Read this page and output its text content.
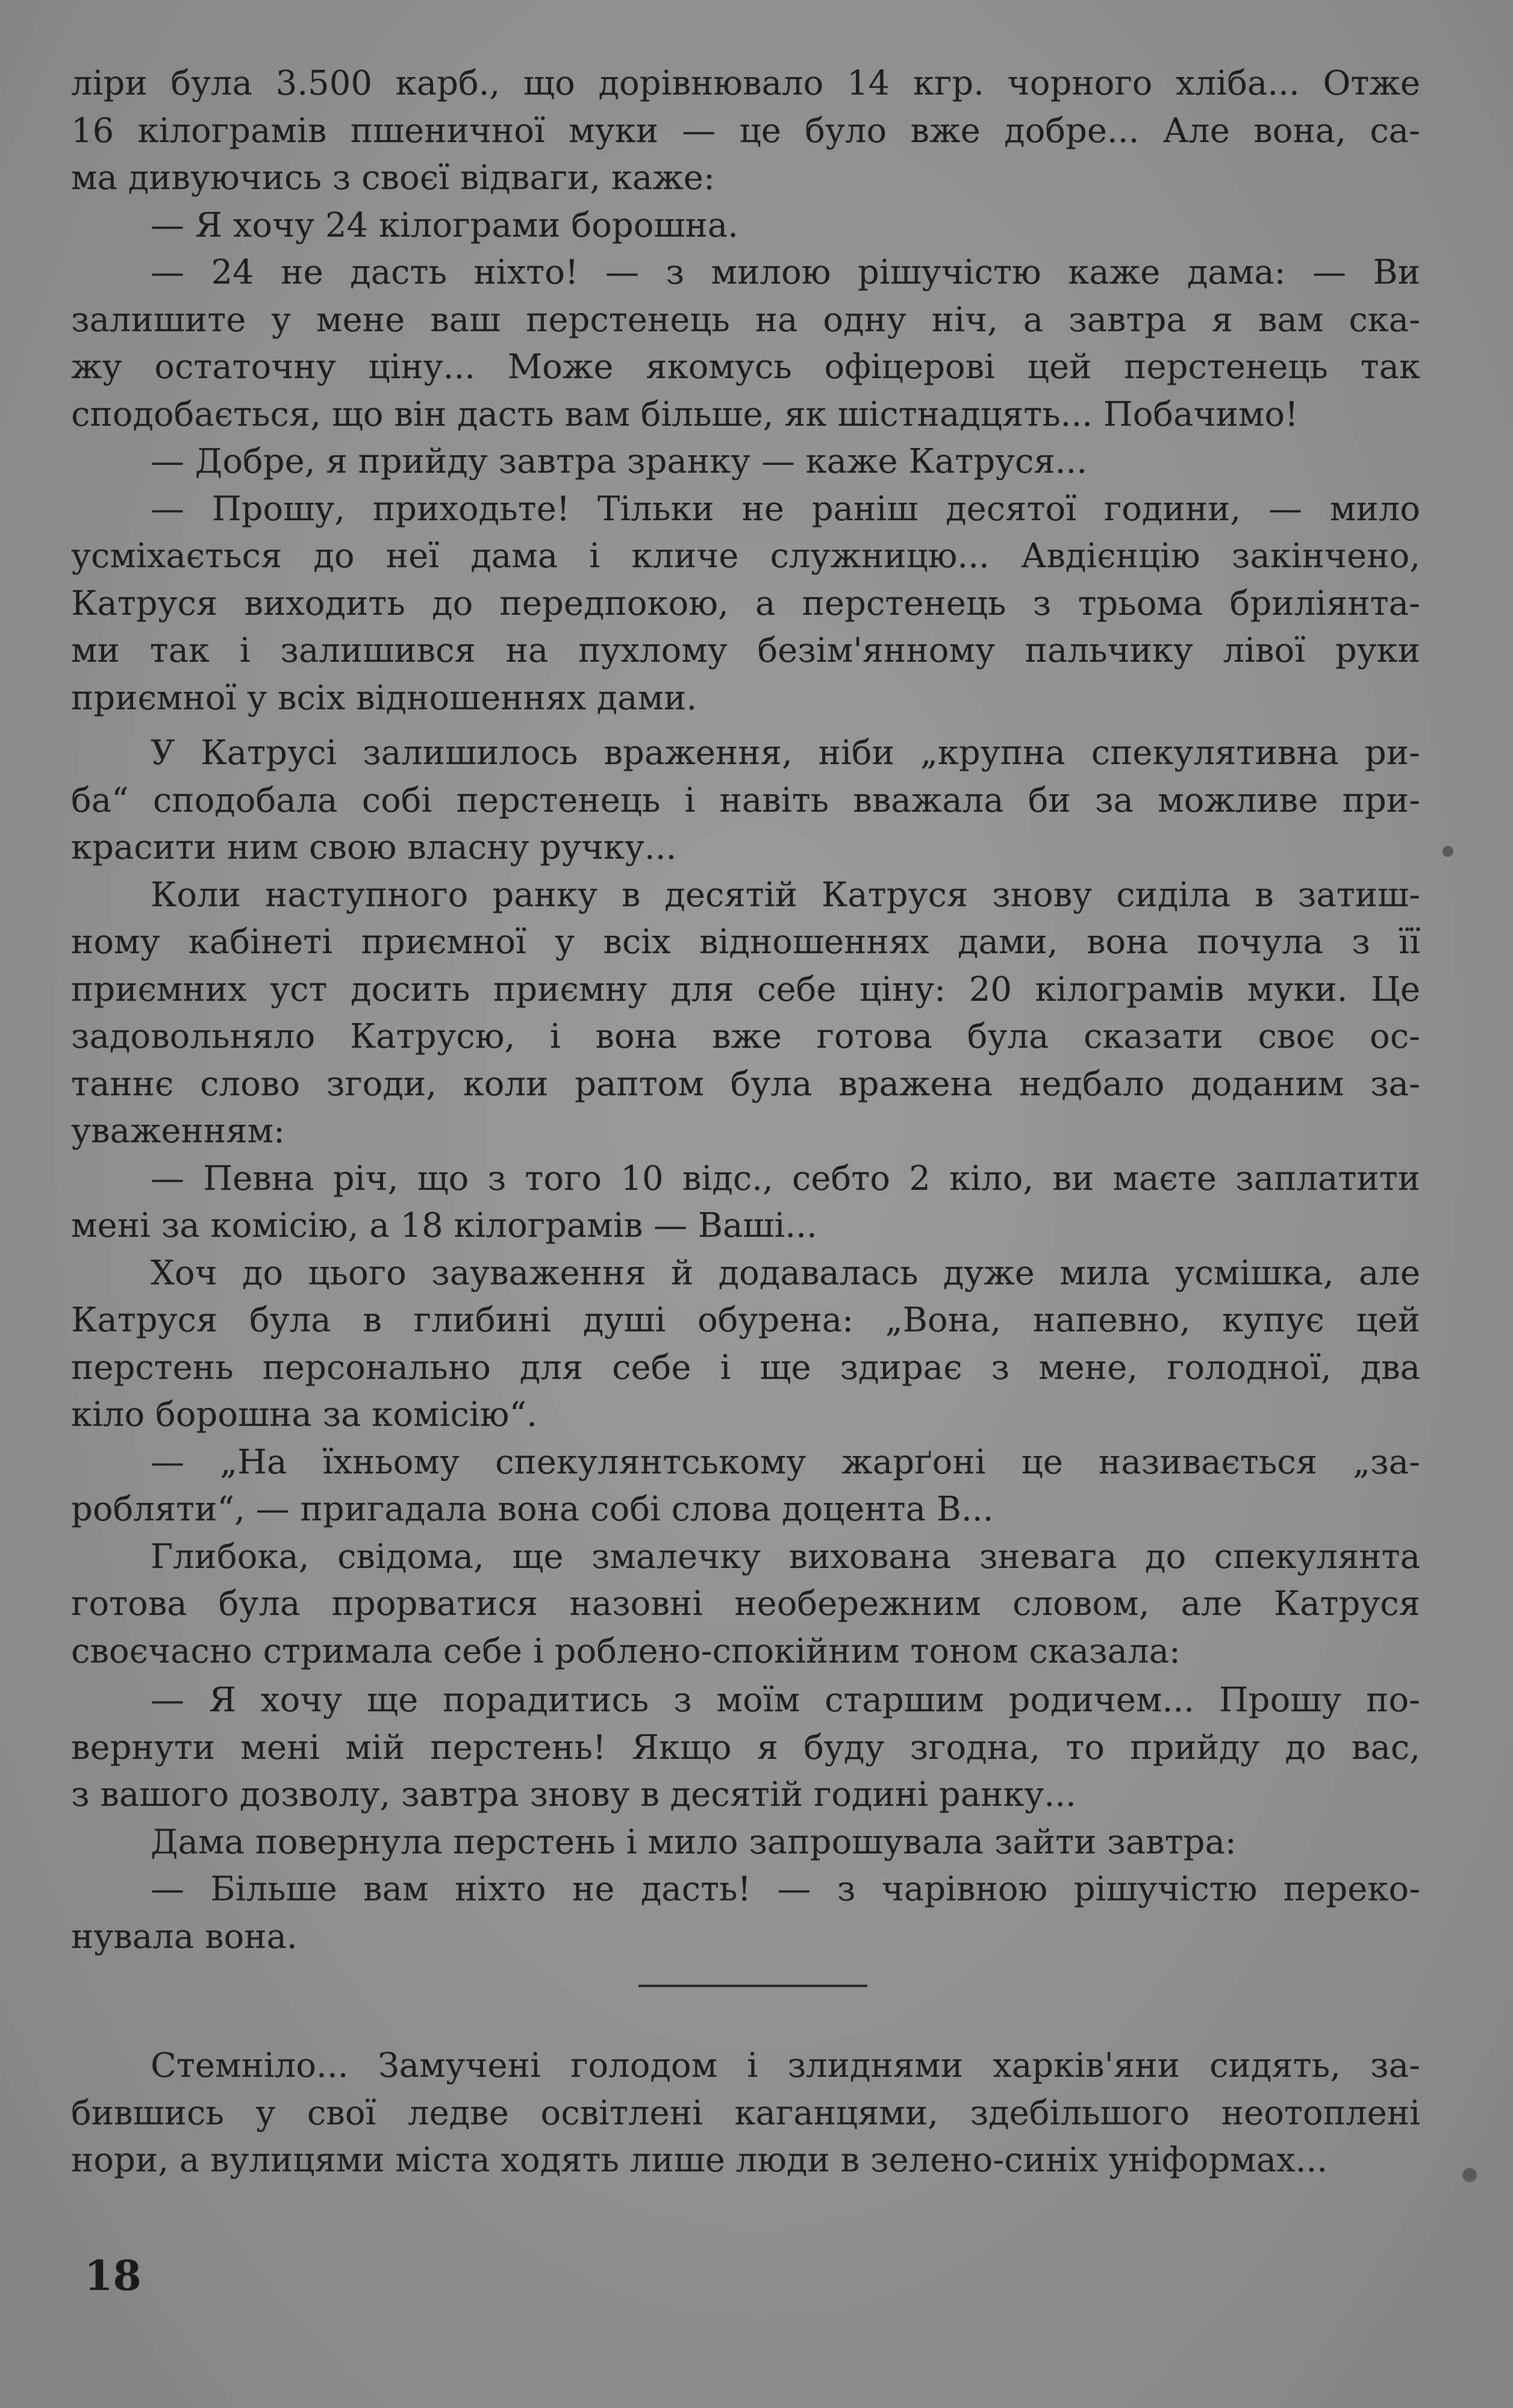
ліри була 3.500 карб., що дорівнювало 14 кгр. чорного хліба... Отже
16 кілограмів пшеничної муки — це було вже добре... Але вона, са-
ма дивуючись з своєї відваги, каже:
— Я хочу 24 кілограми борошна.
— 24 не дасть ніхто! — з милою рішучістю каже дама: — Ви
залишите у мене ваш перстенець на одну ніч, а завтра я вам ска-
жу остаточну ціну... Може якомусь офіцерові цей перстенець так
сподобається, що він дасть вам більше, як шістнадцять... Побачимо!
— Добре, я прийду завтра зранку — каже Катруся...
— Прошу, приходьте! Тільки не раніш десятої години, — мило
усміхається до неї дама і кличе служницю... Авдієнцію закінчено,
Катруся виходить до передпокою, а перстенець з трьома бриліянта-
ми так і залишився на пухлому безім'янному пальчику лівої руки
приємної у всіх відношеннях дами.
У Катрусі залишилось враження, ніби „крупна спекулятивна ри-
ба“ сподобала собі перстенець і навіть вважала би за можливе при-
красити ним свою власну ручку...
Коли наступного ранку в десятій Катруся знову сиділа в затиш-
ному кабінеті приємної у всіх відношеннях дами, вона почула з її
приємних уст досить приємну для себе ціну: 20 кілограмів муки. Це
задовольняло Катрусю, і вона вже готова була сказати своє ос-
таннє слово згоди, коли раптом була вражена недбало доданим за-
уваженням:
— Певна річ, що з того 10 відс., себто 2 кіло, ви маєте заплатити
мені за комісію, а 18 кілограмів — Ваші...
Хоч до цього зауваження й додавалась дуже мила усмішка, але
Катруся була в глибині душі обурена: „Вона, напевно, купує цей
перстень персонально для себе і ще здирає з мене, голодної, два
кіло борошна за комісію“.
— „На їхньому спекулянтському жарґоні це називається „за-
робляти“, — пригадала вона собі слова доцента В...
Глибока, свідома, ще змалечку вихована зневага до спекулянта
готова була прорватися назовні необережним словом, але Катруся
своєчасно стримала себе і роблено-спокійним тоном сказала:
— Я хочу ще порадитись з моїм старшим родичем... Прошу по-
вернути мені мій перстень! Якщо я буду згодна, то прийду до вас,
з вашого дозволу, завтра знову в десятій годині ранку...
Дама повернула перстень і мило запрошувала зайти завтра:
— Більше вам ніхто не дасть! — з чарівною рішучістю переко-
нувала вона.
Стемніло... Замучені голодом і злиднями харків'яни сидять, за-
бившись у свої ледве освітлені каганцями, здебільшого неотоплені
нори, а вулицями міста ходять лише люди в зелено-синіх уніформах...
18
